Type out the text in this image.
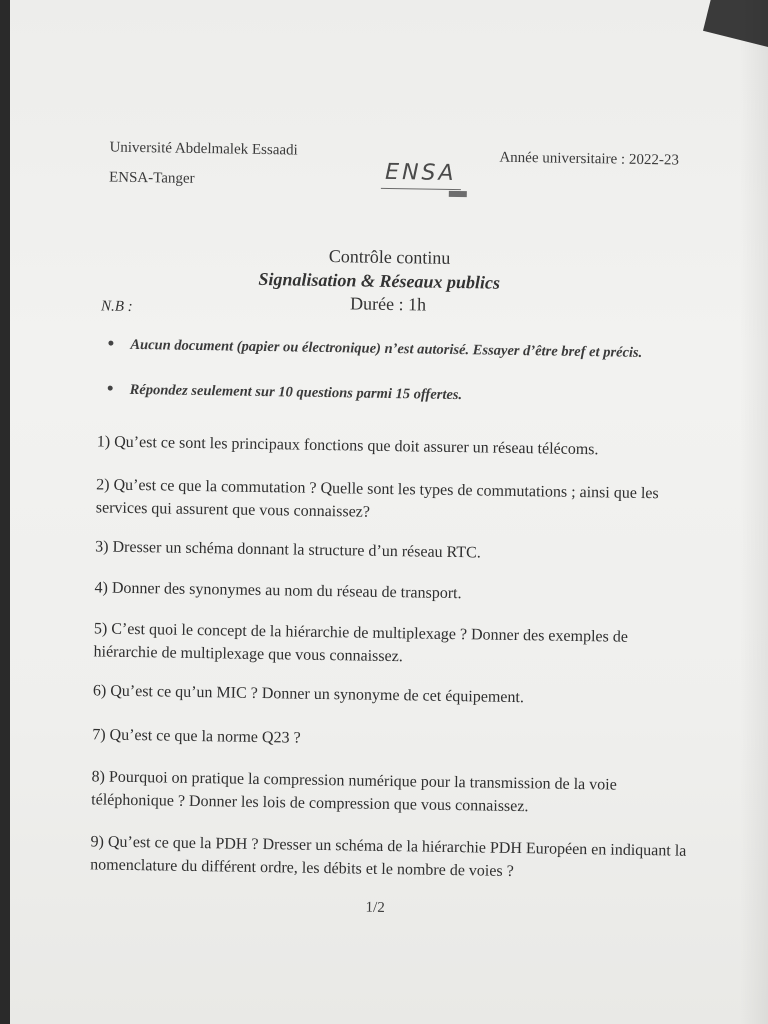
Université Abdelmalek Essaadi
ENSA-Tanger
Année universitaire : 2022-23
ENSA
Contrôle continu
Signalisation & Réseaux publics
Durée : 1h
N.B :
Aucun document (papier ou électronique) n’est autorisé. Essayer d’être bref et précis.
Répondez seulement sur 10 questions parmi 15 offertes.
1) Qu’est ce sont les principaux fonctions que doit assurer un réseau télécoms.
2) Qu’est ce que la commutation ? Quelle sont les types de commutations ; ainsi que les services qui assurent que vous connaissez?
3) Dresser un schéma donnant la structure d’un réseau RTC.
4) Donner des synonymes au nom du réseau de transport.
5) C’est quoi le concept de la hiérarchie de multiplexage ? Donner des exemples de hiérarchie de multiplexage que vous connaissez.
6) Qu’est ce qu’un MIC ? Donner un synonyme de cet équipement.
7) Qu’est ce que la norme Q23 ?
8) Pourquoi on pratique la compression numérique pour la transmission de la voie téléphonique ? Donner les lois de compression que vous connaissez.
9) Qu’est ce que la PDH ? Dresser un schéma de la hiérarchie PDH Européen en indiquant la nomenclature du différent ordre, les débits et le nombre de voies ?
1/2
